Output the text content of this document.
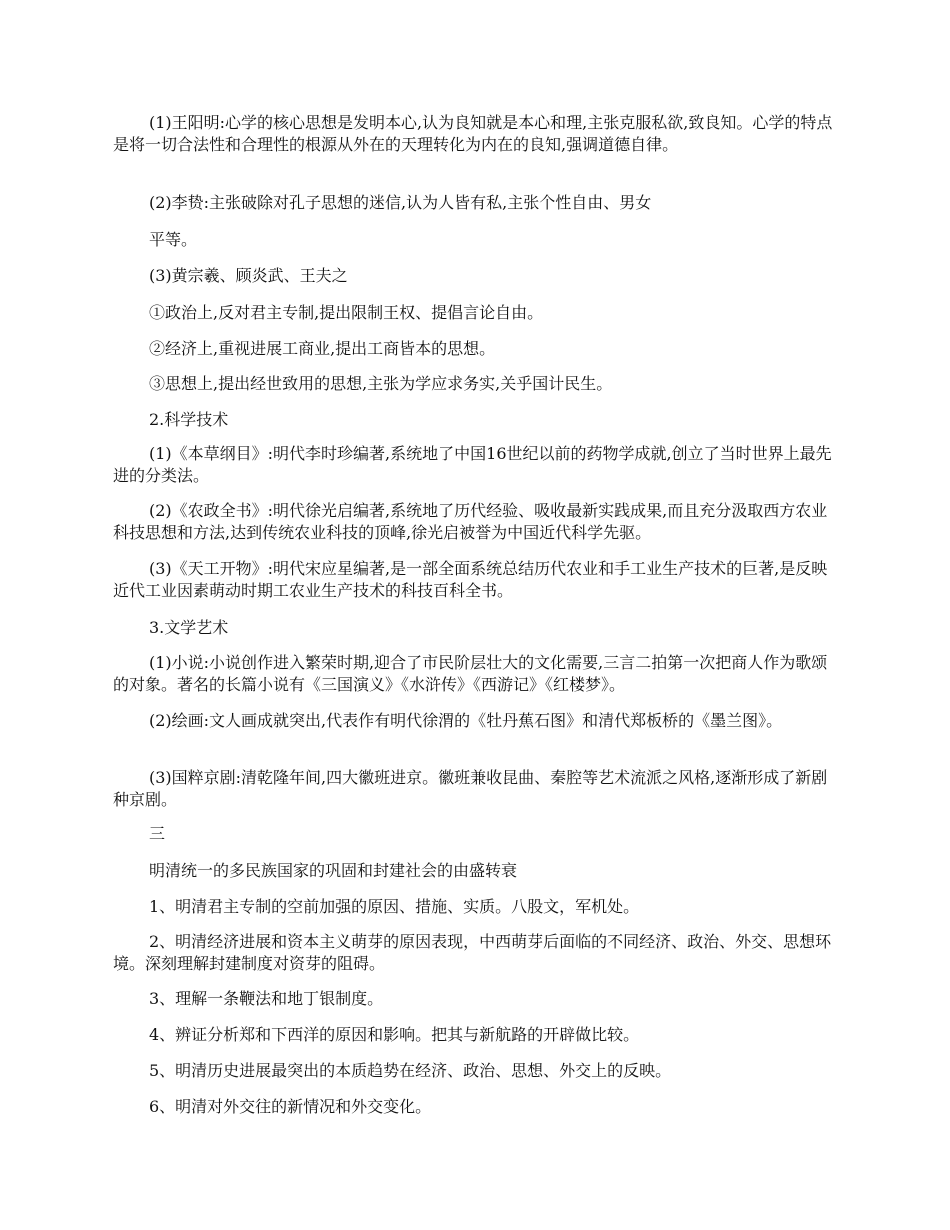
(1)王阳明:心学的核心思想是发明本心,认为良知就是本心和理,主张克服私欲,致良知。心学的特点是将一切合法性和合理性的根源从外在的天理转化为内在的良知,强调道德自律。

(2)李贽:主张破除对孔子思想的迷信,认为人皆有私,主张个性自由、男女

平等。

(3)黄宗羲、顾炎武、王夫之

①政治上,反对君主专制,提出限制王权、提倡言论自由。

②经济上,重视进展工商业,提出工商皆本的思想。

③思想上,提出经世致用的思想,主张为学应求务实,关乎国计民生。

2.科学技术

(1)《本草纲目》:明代李时珍编著,系统地了中国16世纪以前的药物学成就,创立了当时世界上最先进的分类法。

(2)《农政全书》:明代徐光启编著,系统地了历代经验、吸收最新实践成果,而且充分汲取西方农业科技思想和方法,达到传统农业科技的顶峰,徐光启被誉为中国近代科学先驱。

(3)《天工开物》:明代宋应星编著,是一部全面系统总结历代农业和手工业生产技术的巨著,是反映近代工业因素萌动时期工农业生产技术的科技百科全书。

3.文学艺术

(1)小说:小说创作进入繁荣时期,迎合了市民阶层壮大的文化需要,三言二拍第一次把商人作为歌颂的对象。著名的长篇小说有《三国演义》《水浒传》《西游记》《红楼梦》。

(2)绘画:文人画成就突出,代表作有明代徐渭的《牡丹蕉石图》和清代郑板桥的《墨兰图》。

(3)国粹京剧:清乾隆年间,四大徽班进京。徽班兼收昆曲、秦腔等艺术流派之风格,逐渐形成了新剧种京剧。

三

明清统一的多民族国家的巩固和封建社会的由盛转衰

1、明清君主专制的空前加强的原因、措施、实质。八股文，军机处。

2、明清经济进展和资本主义萌芽的原因表现，中西萌芽后面临的不同经济、政治、外交、思想环境。深刻理解封建制度对资芽的阻碍。

3、理解一条鞭法和地丁银制度。

4、辨证分析郑和下西洋的原因和影响。把其与新航路的开辟做比较。

5、明清历史进展最突出的本质趋势在经济、政治、思想、外交上的反映。

6、明清对外交往的新情况和外交变化。
